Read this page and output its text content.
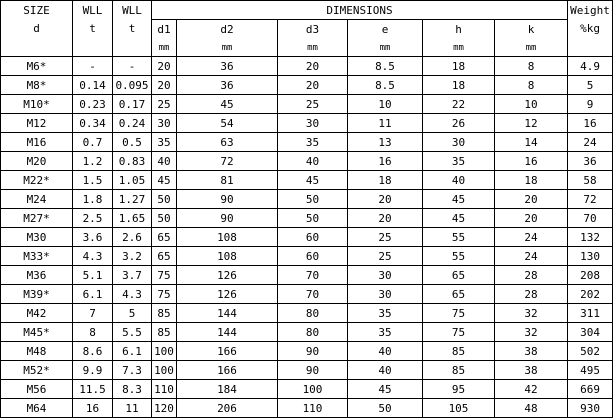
SIZE	WLL	WLL	DIMENSIONS						Weight
d	t	t	d1	d2	d3	e	h	k	%kg
			mm	mm	mm	mm	mm	mm	
M6*	-	-	20	36	20	8.5	18	8	4.9
M8*	0.14	0.095	20	36	20	8.5	18	8	5
M10*	0.23	0.17	25	45	25	10	22	10	9
M12	0.34	0.24	30	54	30	11	26	12	16
M16	0.7	0.5	35	63	35	13	30	14	24
M20	1.2	0.83	40	72	40	16	35	16	36
M22*	1.5	1.05	45	81	45	18	40	18	58
M24	1.8	1.27	50	90	50	20	45	20	72
M27*	2.5	1.65	50	90	50	20	45	20	70
M30	3.6	2.6	65	108	60	25	55	24	132
M33*	4.3	3.2	65	108	60	25	55	24	130
M36	5.1	3.7	75	126	70	30	65	28	208
M39*	6.1	4.3	75	126	70	30	65	28	202
M42	7	5	85	144	80	35	75	32	311
M45*	8	5.5	85	144	80	35	75	32	304
M48	8.6	6.1	100	166	90	40	85	38	502
M52*	9.9	7.3	100	166	90	40	85	38	495
M56	11.5	8.3	110	184	100	45	95	42	669
M64	16	11	120	206	110	50	105	48	930
